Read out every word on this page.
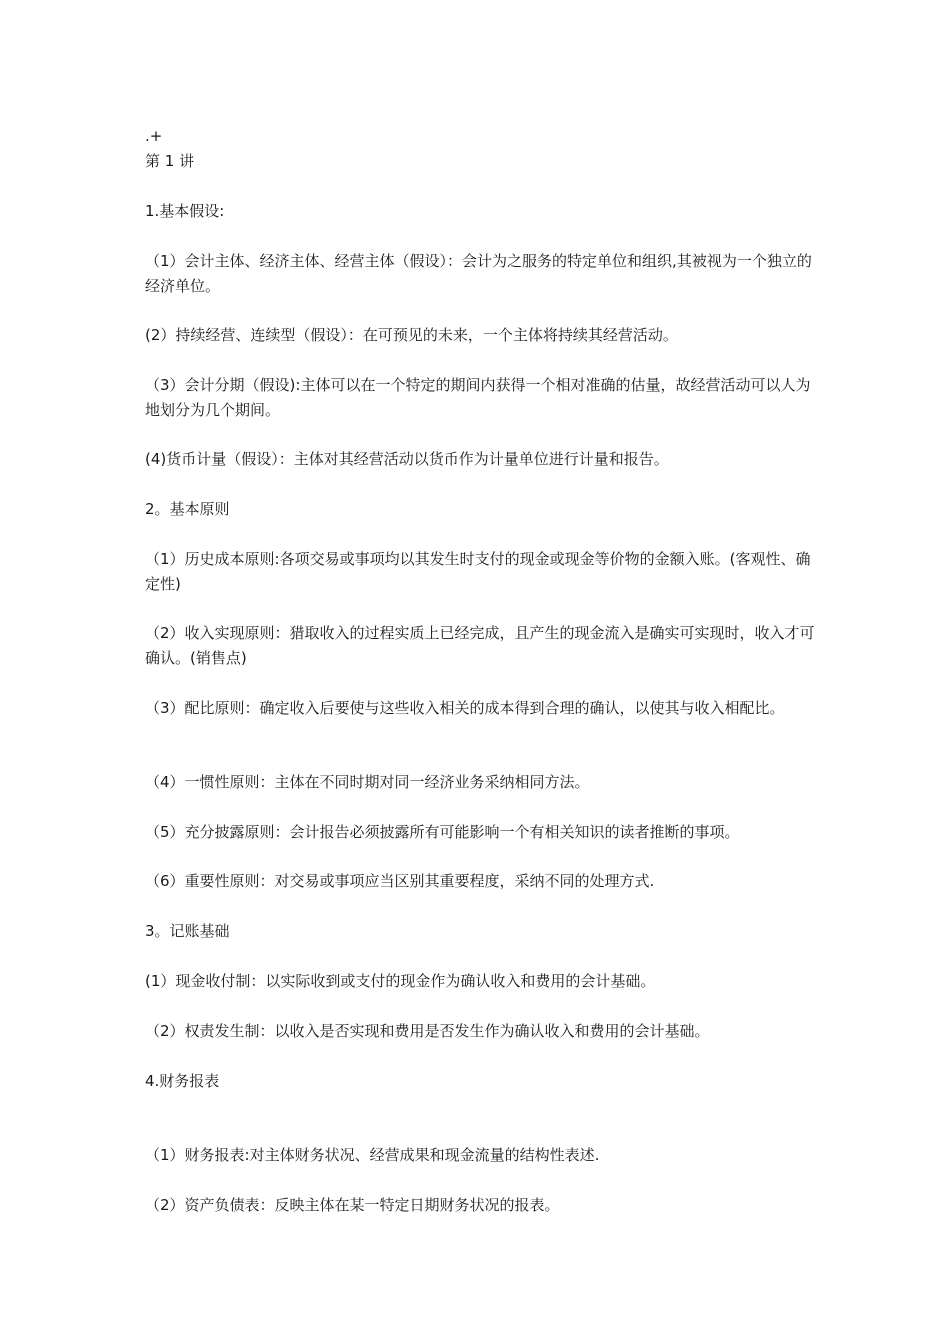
.+
第 1 讲
1.基本假设:
（1）会计主体、经济主体、经营主体（假设）：会计为之服务的特定单位和组织,其被视为一个独立的经济单位。
(2）持续经营、连续型（假设）：在可预见的未来，一个主体将持续其经营活动。
（3）会计分期（假设):主体可以在一个特定的期间内获得一个相对准确的估量，故经营活动可以人为地划分为几个期间。
(4)货币计量（假设）：主体对其经营活动以货币作为计量单位进行计量和报告。
2。基本原则
（1）历史成本原则:各项交易或事项均以其发生时支付的现金或现金等价物的金额入账。(客观性、确定性)
（2）收入实现原则：猎取收入的过程实质上已经完成，且产生的现金流入是确实可实现时，收入才可确认。(销售点)
（3）配比原则：确定收入后要使与这些收入相关的成本得到合理的确认，以使其与收入相配比。
（4）一惯性原则：主体在不同时期对同一经济业务采纳相同方法。
（5）充分披露原则：会计报告必须披露所有可能影响一个有相关知识的读者推断的事项。
（6）重要性原则：对交易或事项应当区别其重要程度，采纳不同的处理方式.
3。记账基础
(1）现金收付制：以实际收到或支付的现金作为确认收入和费用的会计基础。
（2）权责发生制：以收入是否实现和费用是否发生作为确认收入和费用的会计基础。
4.财务报表
（1）财务报表:对主体财务状况、经营成果和现金流量的结构性表述.
（2）资产负债表：反映主体在某一特定日期财务状况的报表。
